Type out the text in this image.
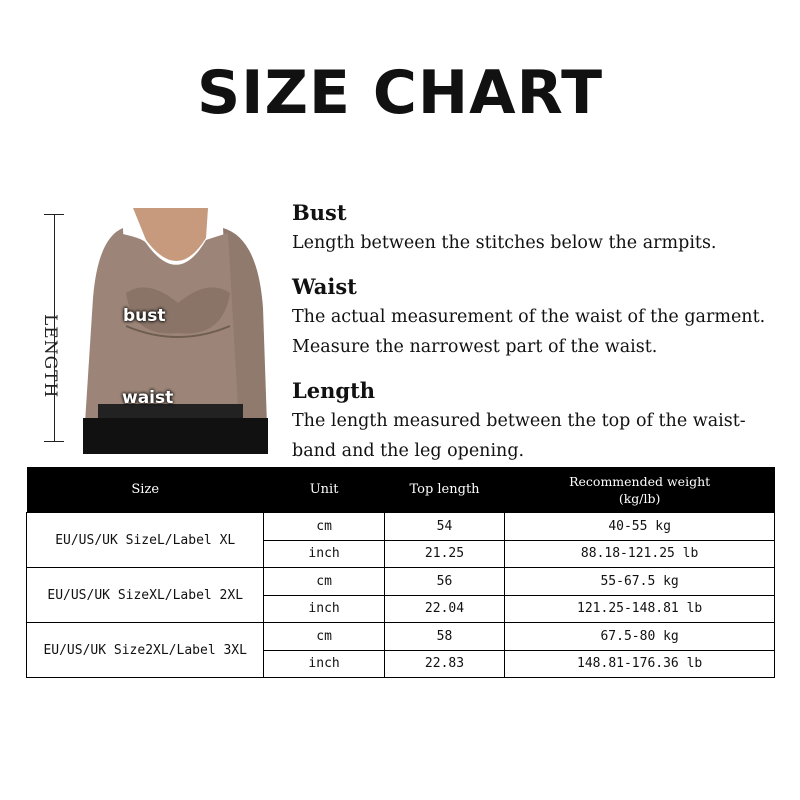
SIZE CHART
LENGTH	bust
waist

Bust

Length between the stitches below the armpits.

Waist

The actual measurement of the waist of the garment.

Measure the narrowest part of the waist.

Length

The length measured between the top of the waist-

band and the leg opening.

Size	Unit	Top length	Recommended weight
(kg/lb)

EU/US/UK SizeL/Label XL	cm	54	40-55 kg
	inch	21.25	88.18-121.25 lb
EU/US/UK SizeXL/Label 2XL	cm	56	55-67.5 kg
	inch	22.04	121.25-148.81 lb
EU/US/UK Size2XL/Label 3XL	cm	58	67.5-80 kg
	inch	22.83	148.81-176.36 lb
